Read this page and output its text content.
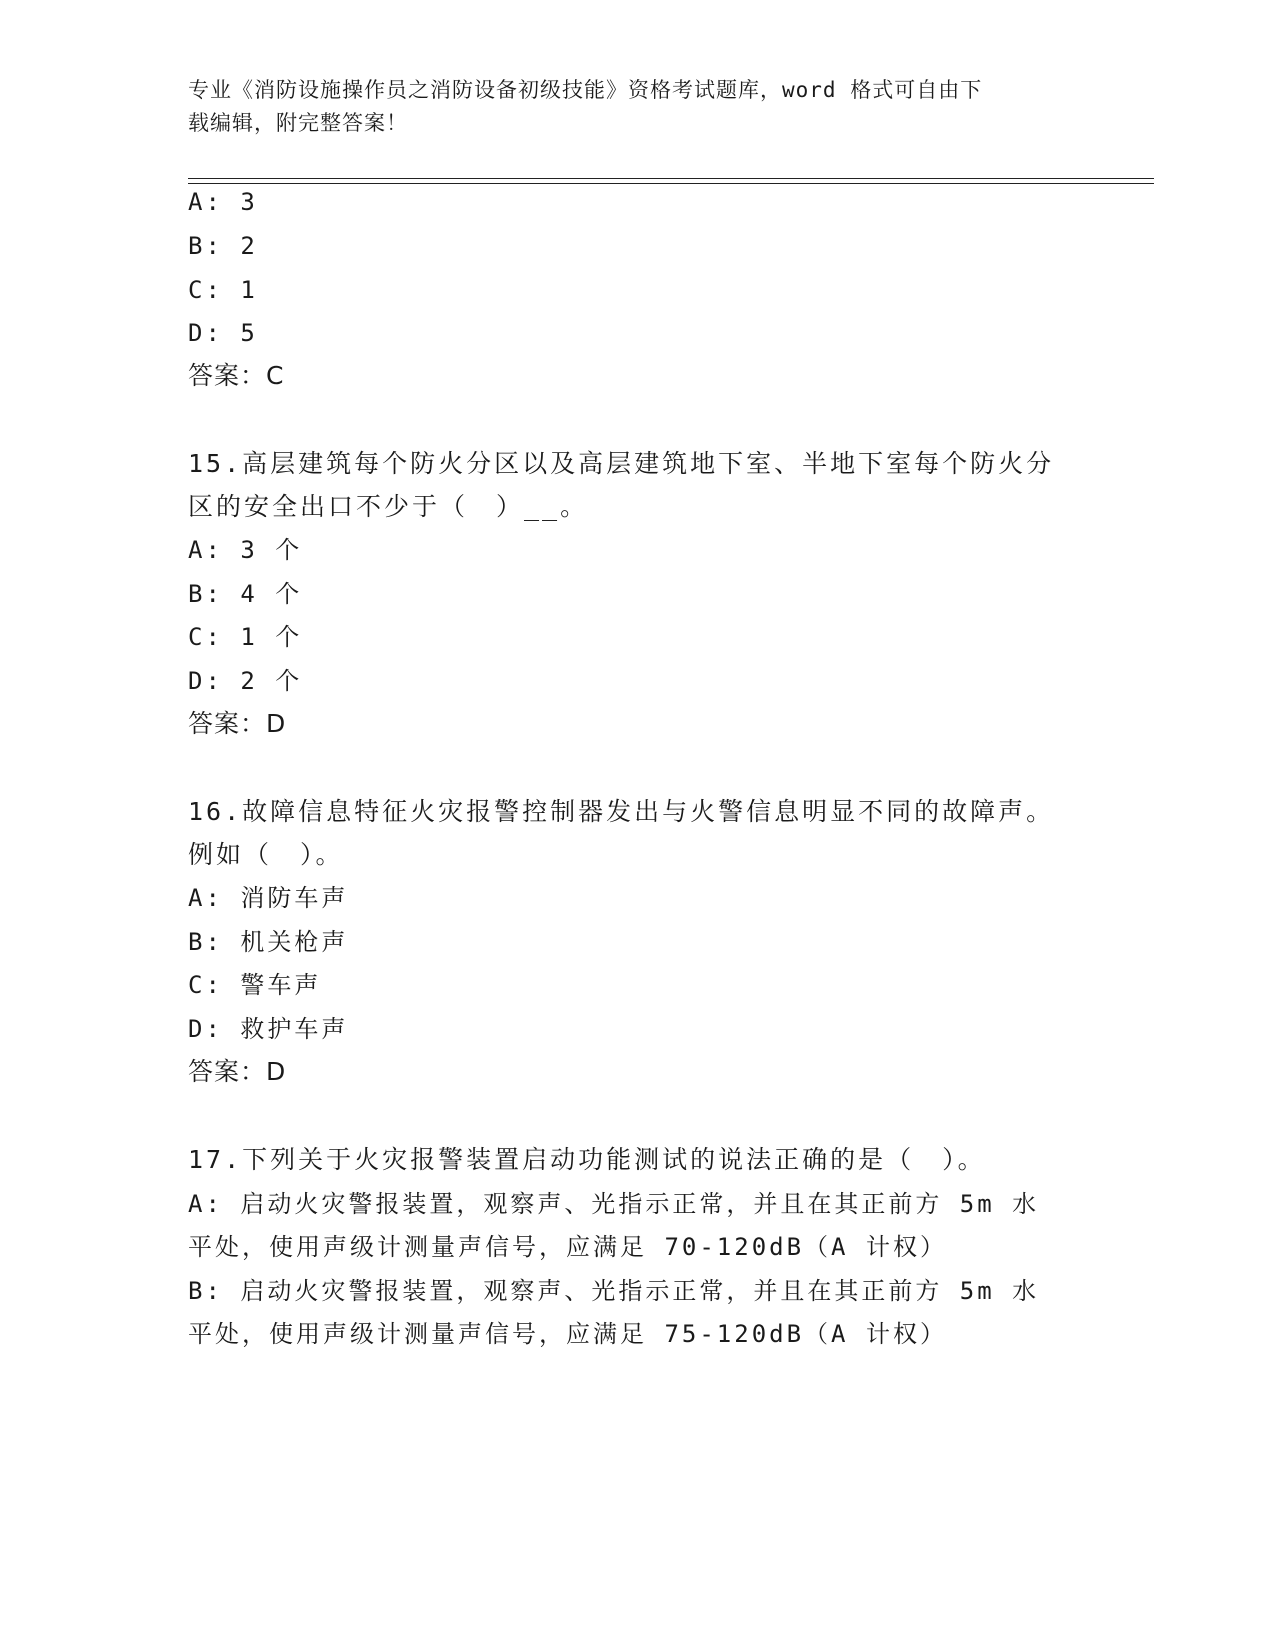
专业《消防设施操作员之消防设备初级技能》资格考试题库，word 格式可自由下
载编辑，附完整答案！
A: 3
B: 2
C: 1
D: 5
答案：C
15.高层建筑每个防火分区以及高层建筑地下室、半地下室每个防火分
区的安全出口不少于（　）__。
A: 3 个
B: 4 个
C: 1 个
D: 2 个
答案：D
16.故障信息特征火灾报警控制器发出与火警信息明显不同的故障声。
例如（　）。
A: 消防车声
B: 机关枪声
C: 警车声
D: 救护车声
答案：D
17.下列关于火灾报警装置启动功能测试的说法正确的是（　）。
A: 启动火灾警报装置，观察声、光指示正常，并且在其正前方 5m 水
平处，使用声级计测量声信号，应满足 70-120dB（A 计权）
B: 启动火灾警报装置，观察声、光指示正常，并且在其正前方 5m 水
平处，使用声级计测量声信号，应满足 75-120dB（A 计权）
